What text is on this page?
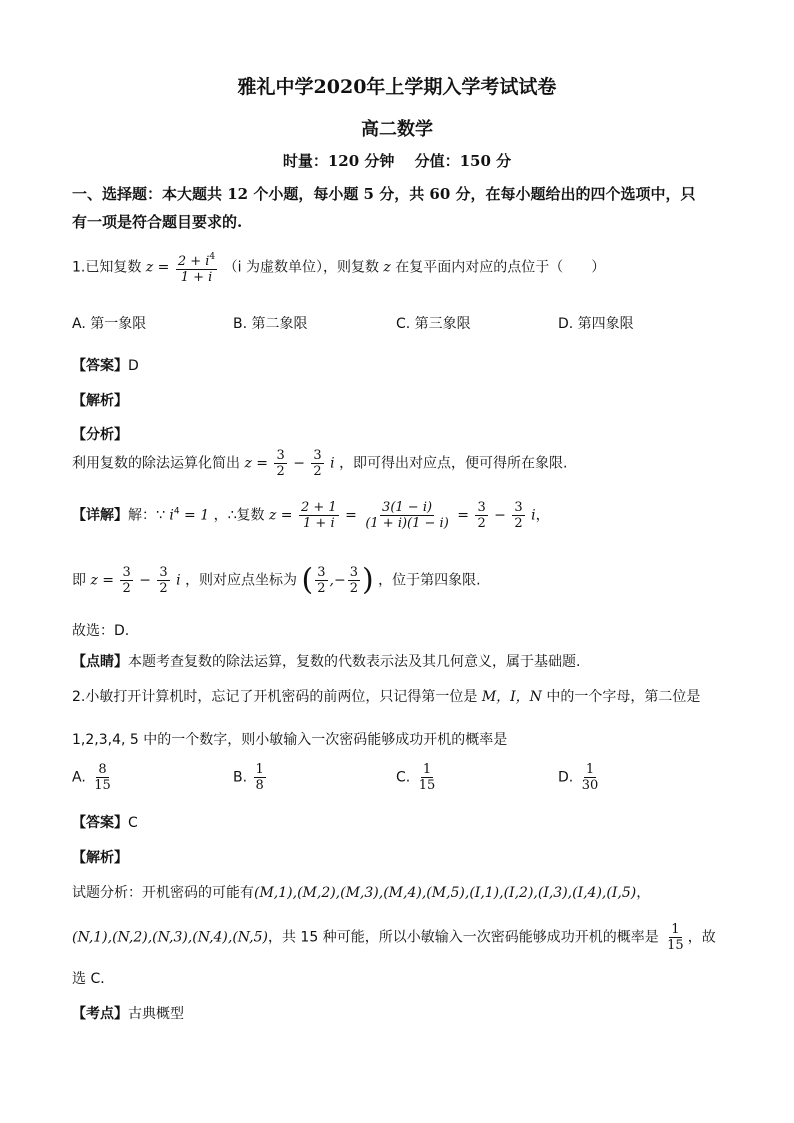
雅礼中学2020年上学期入学考试试卷
高二数学
时量：120 分钟　 分值：150 分
一、选择题：本大题共 12 个小题，每小题 5 分，共 60 分，在每小题给出的四个选项中，只
有一项是符合题目要求的.
1.已知复数 $z = \frac{2 + i^4}{1 + i} (i$ 为虚数单位），则复数 z 在复平面内对应的点位于（　　）
A. 第一象限	B. 第二象限	C. 第三象限	D. 第四象限
【答案】D
【解析】
【分析】
利用复数的除法运算化简出 $z = \frac{3}{2} - \frac{3}{2}$ i ，即可得出对应点，便可得所在象限.
【详解】解：∵ $i^4 = 1$ ，∴复数 $z = \frac{2 + 1}{1 + i} = \frac{3(1 - i)}{(1 + i)(1 - i)} = \frac{3}{2} - \frac{3}{2}$ i，
即 $z = \frac{3}{2} - \frac{3}{2}$ i ，则对应点坐标为 ( $\frac{3}{2}$ ,− $\frac{3}{2}$ ) ，位于第四象限.
故选：D.
【点睛】本题考查复数的除法运算，复数的代数表示法及其几何意义，属于基础题.
2.小敏打开计算机时，忘记了开机密码的前两位，只记得第一位是 M，I，N 中的一个字母，第二位是
1,2,3,4, 5 中的一个数字，则小敏输入一次密码能够成功开机的概率是
A. $\frac{8}{15}$	B. $\frac{1}{8}$	C. $\frac{1}{15}$	D. $\frac{1}{30}$
【答案】C
【解析】
试题分析：开机密码的可能有(M,1),(M,2),(M,3),(M,4),(M,5),(I,1),(I,2),(I,3),(I,4),(I,5)，
(N,1),(N,2),(N,3),(N,4),(N,5)，共 15 种可能，所以小敏输入一次密码能够成功开机的概率是 $\frac{1}{15}$ ，故
选 C．
【考点】古典概型
